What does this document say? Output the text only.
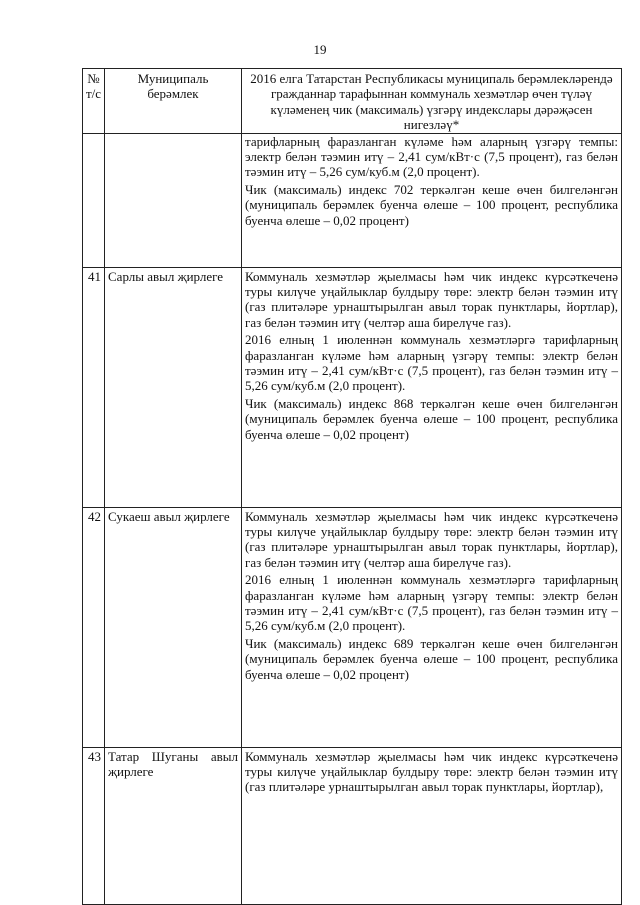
19
№ т/с	Муниципаль берәмлек	2016 елга Татарстан Республикасы муниципаль берәмлекләрендә гражданнар тарафыннан коммуналь хезмәтләр өчен түләү күләменең чик (максималь) үзгәрү индекслары дәрәҗәсен нигезләү*

		тарифларның фаразланган күләме һәм аларның үзгәрү темпы: электр белән тәэмин итү – 2,41 сум/кВт·с (7,5 процент), газ белән тәэмин итү – 5,26 сум/куб.м (2,0 процент).

Чик (максималь) индекс 702 теркәлгән кеше өчен билгеләнгән (муниципаль берәмлек буенча өлеше – 100 процент, республика буенча өлеше – 0,02 процент)

41	Сарлы авыл җирлеге	Коммуналь хезмәтләр җыелмасы һәм чик индекс күрсәткеченә туры килүче уңайлыклар булдыру төре: электр белән тәэмин итү (газ плитәләре урнаштырылган авыл торак пунктлары, йортлар), газ белән тәэмин итү (челтәр аша бирелүче газ).

2016 елның 1 июленнән коммуналь хезмәтләргә тарифларның фаразланган күләме һәм аларның үзгәрү темпы: электр белән тәэмин итү – 2,41 сум/кВт·с (7,5 процент), газ белән тәэмин итү – 5,26 сум/куб.м (2,0 процент).

Чик (максималь) индекс 868 теркәлгән кеше өчен билгеләнгән (муниципаль берәмлек буенча өлеше – 100 процент, республика буенча өлеше – 0,02 процент)

42	Сукаеш авыл җирлеге	Коммуналь хезмәтләр җыелмасы һәм чик индекс күрсәткеченә туры килүче уңайлыклар булдыру төре: электр белән тәэмин итү (газ плитәләре урнаштырылган авыл торак пунктлары, йортлар), газ белән тәэмин итү (челтәр аша бирелүче газ).

2016 елның 1 июленнән коммуналь хезмәтләргә тарифларның фаразланган күләме һәм аларның үзгәрү темпы: электр белән тәэмин итү – 2,41 сум/кВт·с (7,5 процент), газ белән тәэмин итү – 5,26 сум/куб.м (2,0 процент).

Чик (максималь) индекс 689 теркәлгән кеше өчен билгеләнгән (муниципаль берәмлек буенча өлеше – 100 процент, республика буенча өлеше – 0,02 процент)

43	Татар Шуганы авыл җирлеге	Коммуналь хезмәтләр җыелмасы һәм чик индекс күрсәткеченә туры килүче уңайлыклар булдыру төре: электр белән тәэмин итү (газ плитәләре урнаштырылган авыл торак пунктлары, йортлар),
